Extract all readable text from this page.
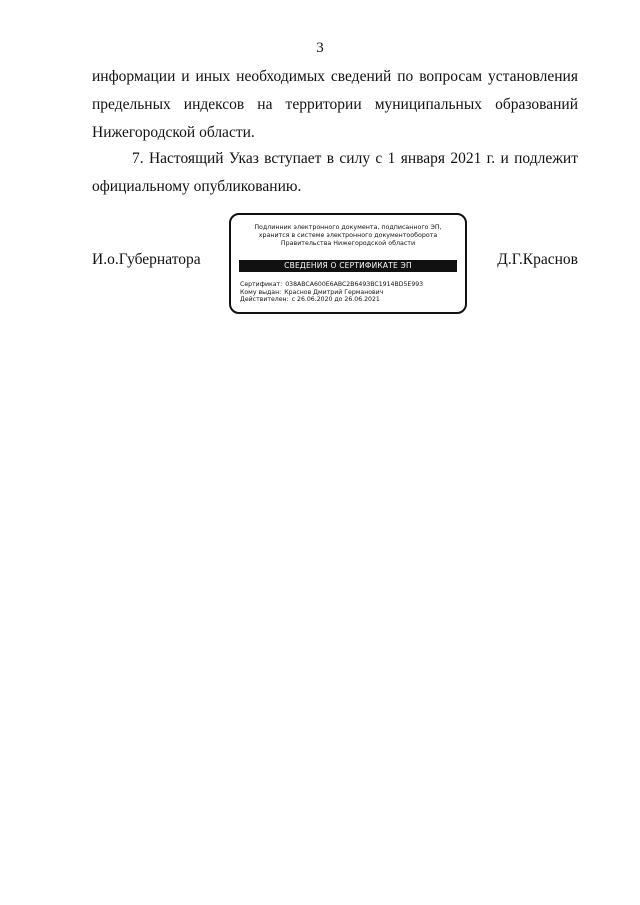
3
информации и иных необходимых сведений по вопросам установления
предельных индексов на территории муниципальных образований
Нижегородской области.
7. Настоящий Указ вступает в силу с 1 января 2021 г. и подлежит
официальному опубликованию.
И.о.Губернатора
Подлинник электронного документа, подписанного ЭП,
хранится в системе электронного документооборота
Правительства Нижегородской области
СВЕДЕНИЯ О СЕРТИФИКАТЕ ЭП
Сертификат: 038ABCA600E6ABC2B649ЗBC1914BD5E993
Кому выдан: Краснов Дмитрий Германович
Действителен: с 26.06.2020 до 26.06.2021
Д.Г.Краснов
